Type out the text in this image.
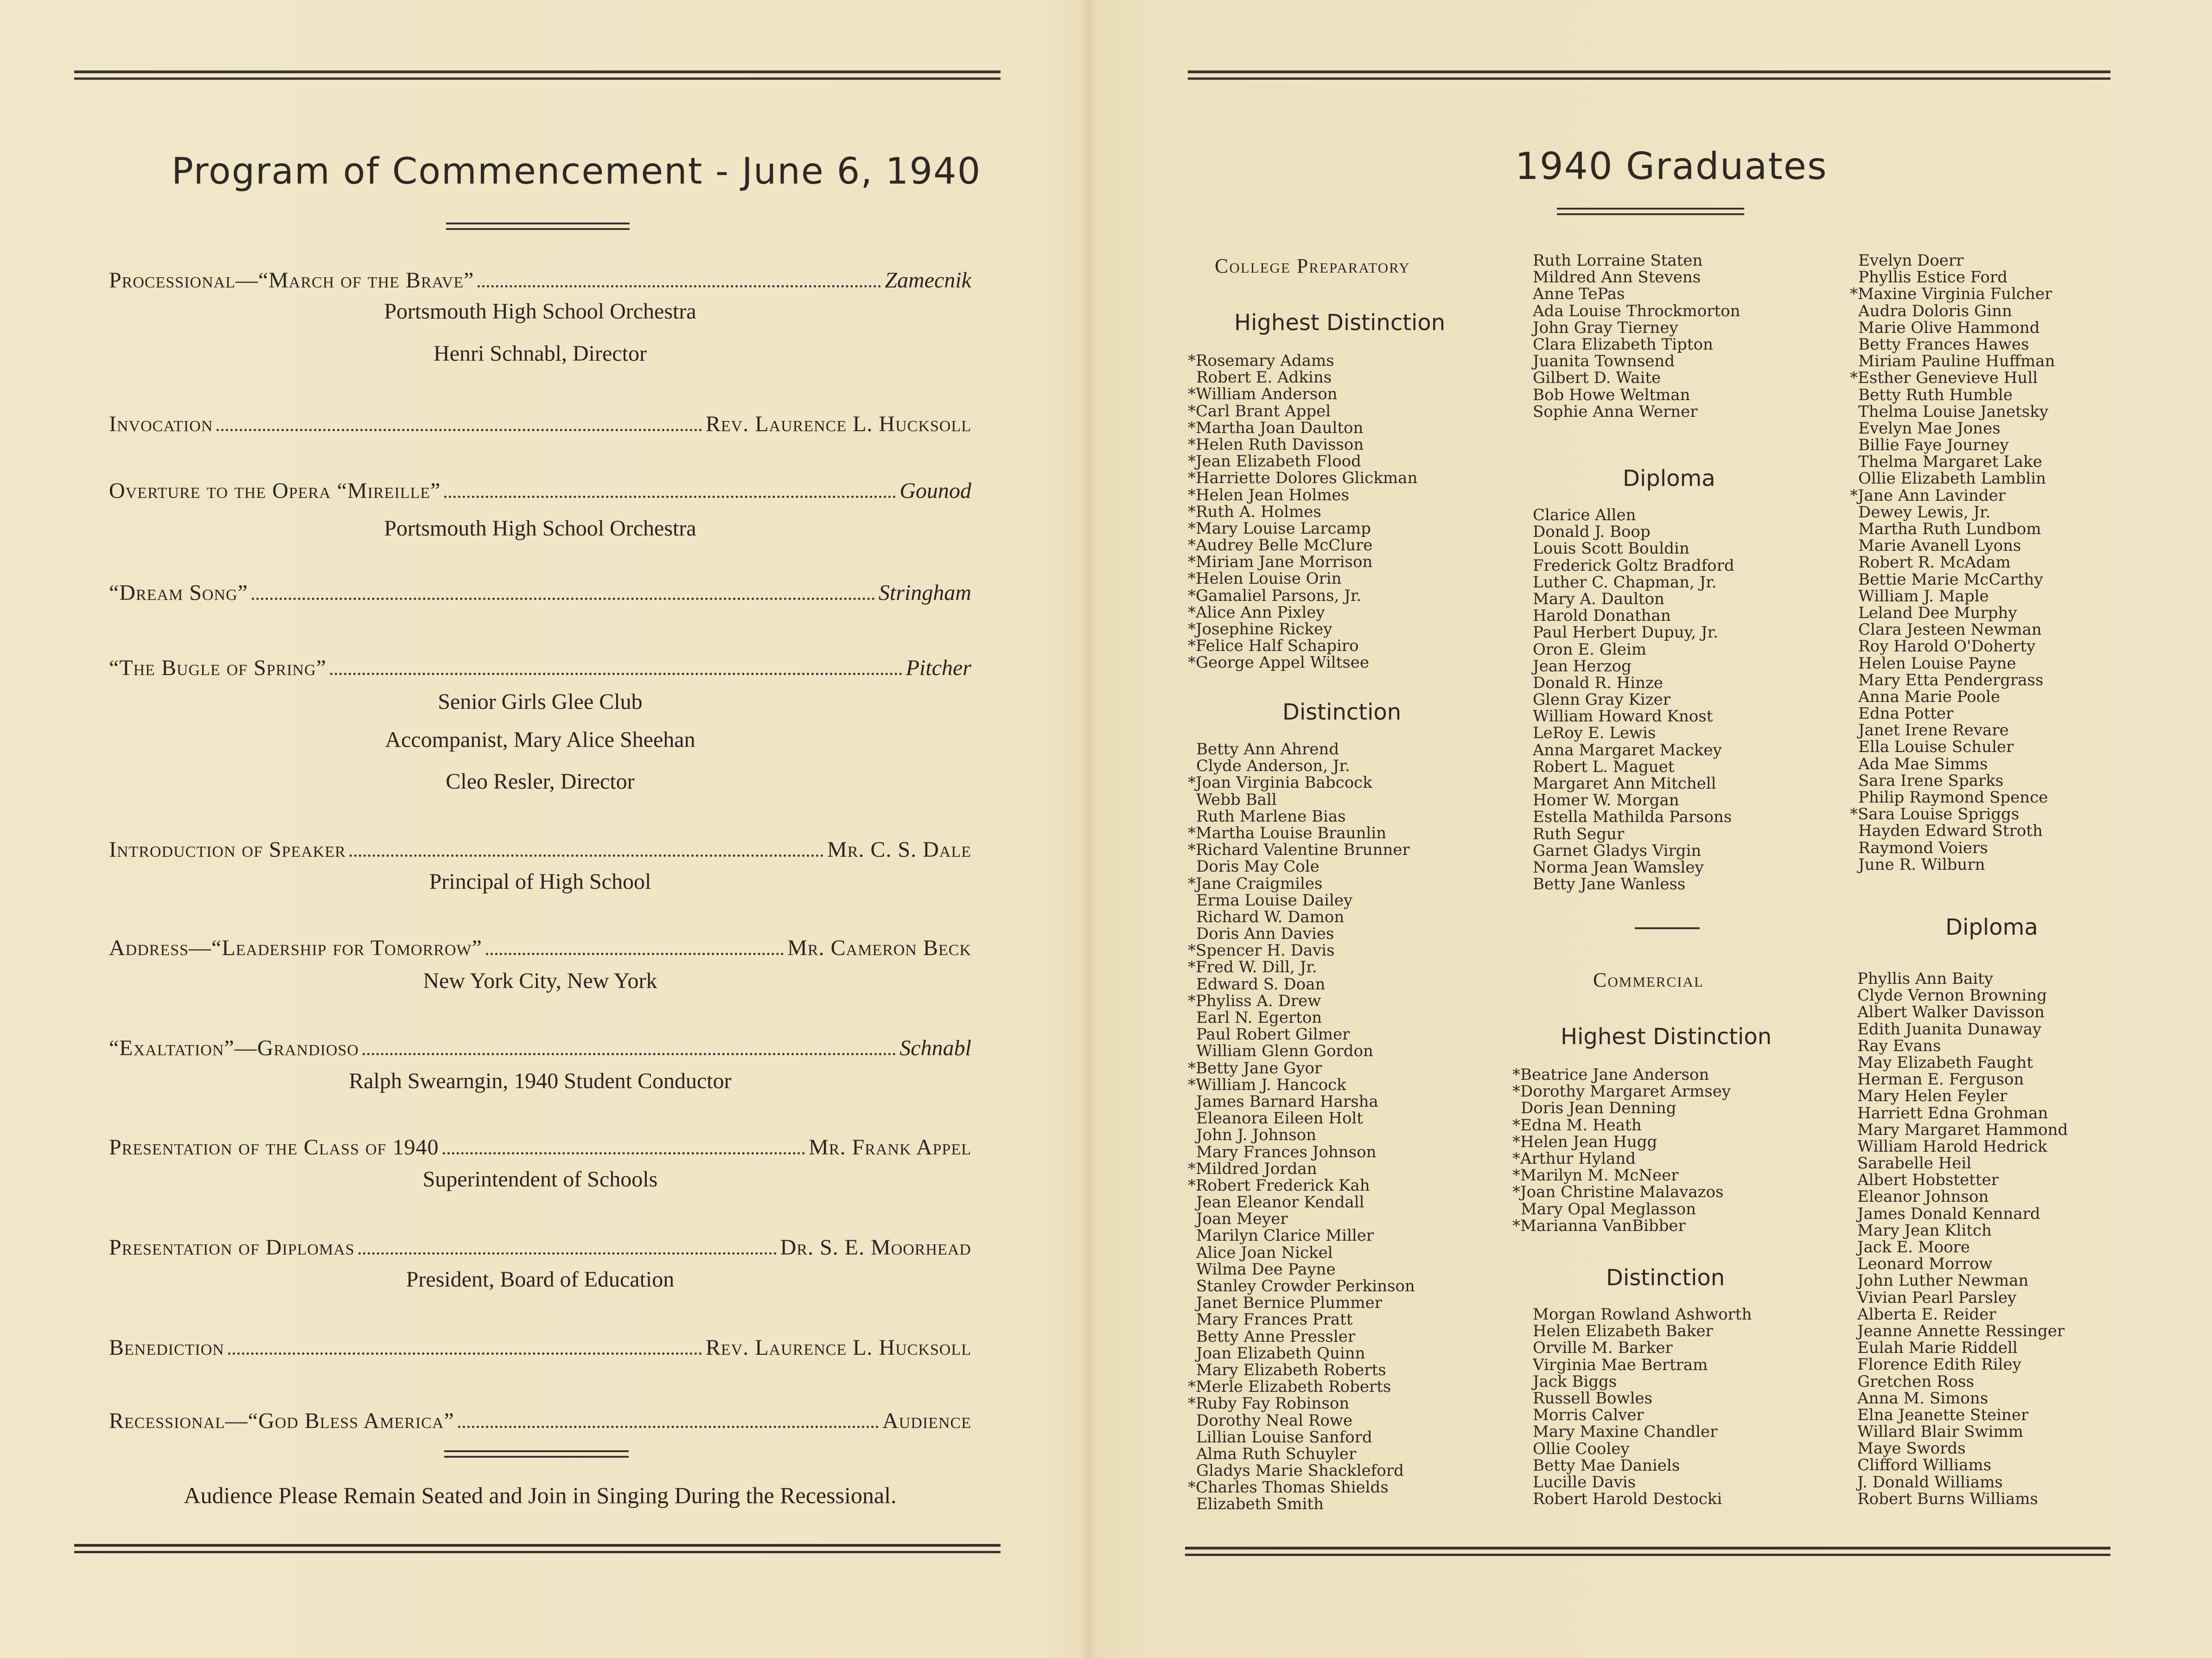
Program of Commencement - June 6, 1940
Processional—“March of the Brave”	Zamecnik
Portsmouth High School Orchestra
Henri Schnabl, Director
Invocation	Rev. Laurence L. Hucksoll
Overture to the Opera “Mireille”	Gounod
Portsmouth High School Orchestra
“Dream Song”	Stringham
“The Bugle of Spring”	Pitcher
Senior Girls Glee Club
Accompanist, Mary Alice Sheehan
Cleo Resler, Director
Introduction of Speaker	Mr. C. S. Dale
Principal of High School
Address—“Leadership for Tomorrow”	Mr. Cameron Beck
New York City, New York
“Exaltation”—Grandioso	Schnabl
Ralph Swearngin, 1940 Student Conductor
Presentation of the Class of 1940	Mr. Frank Appel
Superintendent of Schools
Presentation of Diplomas	Dr. S. E. Moorhead
President, Board of Education
Benediction	Rev. Laurence L. Hucksoll
Recessional—“God Bless America”	Audience
Audience Please Remain Seated and Join in Singing During the Recessional.
1940 Graduates
College Preparatory
Highest Distinction
*Rosemary Adams
Robert E. Adkins
*William Anderson
*Carl Brant Appel
*Martha Joan Daulton
*Helen Ruth Davisson
*Jean Elizabeth Flood
*Harriette Dolores Glickman
*Helen Jean Holmes
*Ruth A. Holmes
*Mary Louise Larcamp
*Audrey Belle McClure
*Miriam Jane Morrison
*Helen Louise Orin
*Gamaliel Parsons, Jr.
*Alice Ann Pixley
*Josephine Rickey
*Felice Half Schapiro
*George Appel Wiltsee
Distinction
Betty Ann Ahrend
Clyde Anderson, Jr.
*Joan Virginia Babcock
Webb Ball
Ruth Marlene Bias
*Martha Louise Braunlin
*Richard Valentine Brunner
Doris May Cole
*Jane Craigmiles
Erma Louise Dailey
Richard W. Damon
Doris Ann Davies
*Spencer H. Davis
*Fred W. Dill, Jr.
Edward S. Doan
*Phyliss A. Drew
Earl N. Egerton
Paul Robert Gilmer
William Glenn Gordon
*Betty Jane Gyor
*William J. Hancock
James Barnard Harsha
Eleanora Eileen Holt
John J. Johnson
Mary Frances Johnson
*Mildred Jordan
*Robert Frederick Kah
Jean Eleanor Kendall
Joan Meyer
Marilyn Clarice Miller
Alice Joan Nickel
Wilma Dee Payne
Stanley Crowder Perkinson
Janet Bernice Plummer
Mary Frances Pratt
Betty Anne Pressler
Joan Elizabeth Quinn
Mary Elizabeth Roberts
*Merle Elizabeth Roberts
*Ruby Fay Robinson
Dorothy Neal Rowe
Lillian Louise Sanford
Alma Ruth Schuyler
Gladys Marie Shackleford
*Charles Thomas Shields
Elizabeth Smith
Ruth Lorraine Staten
Mildred Ann Stevens
Anne TePas
Ada Louise Throckmorton
John Gray Tierney
Clara Elizabeth Tipton
Juanita Townsend
Gilbert D. Waite
Bob Howe Weltman
Sophie Anna Werner
Diploma
Clarice Allen
Donald J. Boop
Louis Scott Bouldin
Frederick Goltz Bradford
Luther C. Chapman, Jr.
Mary A. Daulton
Harold Donathan
Paul Herbert Dupuy, Jr.
Oron E. Gleim
Jean Herzog
Donald R. Hinze
Glenn Gray Kizer
William Howard Knost
LeRoy E. Lewis
Anna Margaret Mackey
Robert L. Maguet
Margaret Ann Mitchell
Homer W. Morgan
Estella Mathilda Parsons
Ruth Segur
Garnet Gladys Virgin
Norma Jean Wamsley
Betty Jane Wanless
Commercial
Highest Distinction
*Beatrice Jane Anderson
*Dorothy Margaret Armsey
Doris Jean Denning
*Edna M. Heath
*Helen Jean Hugg
*Arthur Hyland
*Marilyn M. McNeer
*Joan Christine Malavazos
Mary Opal Meglasson
*Marianna VanBibber
Distinction
Morgan Rowland Ashworth
Helen Elizabeth Baker
Orville M. Barker
Virginia Mae Bertram
Jack Biggs
Russell Bowles
Morris Calver
Mary Maxine Chandler
Ollie Cooley
Betty Mae Daniels
Lucille Davis
Robert Harold Destocki
Evelyn Doerr
Phyllis Estice Ford
*Maxine Virginia Fulcher
Audra Doloris Ginn
Marie Olive Hammond
Betty Frances Hawes
Miriam Pauline Huffman
*Esther Genevieve Hull
Betty Ruth Humble
Thelma Louise Janetsky
Evelyn Mae Jones
Billie Faye Journey
Thelma Margaret Lake
Ollie Elizabeth Lamblin
*Jane Ann Lavinder
Dewey Lewis, Jr.
Martha Ruth Lundbom
Marie Avanell Lyons
Robert R. McAdam
Bettie Marie McCarthy
William J. Maple
Leland Dee Murphy
Clara Jesteen Newman
Roy Harold O'Doherty
Helen Louise Payne
Mary Etta Pendergrass
Anna Marie Poole
Edna Potter
Janet Irene Revare
Ella Louise Schuler
Ada Mae Simms
Sara Irene Sparks
Philip Raymond Spence
*Sara Louise Spriggs
Hayden Edward Stroth
Raymond Voiers
June R. Wilburn
Diploma
Phyllis Ann Baity
Clyde Vernon Browning
Albert Walker Davisson
Edith Juanita Dunaway
Ray Evans
May Elizabeth Faught
Herman E. Ferguson
Mary Helen Feyler
Harriett Edna Grohman
Mary Margaret Hammond
William Harold Hedrick
Sarabelle Heil
Albert Hobstetter
Eleanor Johnson
James Donald Kennard
Mary Jean Klitch
Jack E. Moore
Leonard Morrow
John Luther Newman
Vivian Pearl Parsley
Alberta E. Reider
Jeanne Annette Ressinger
Eulah Marie Riddell
Florence Edith Riley
Gretchen Ross
Anna M. Simons
Elna Jeanette Steiner
Willard Blair Swimm
Maye Swords
Clifford Williams
J. Donald Williams
Robert Burns Williams
